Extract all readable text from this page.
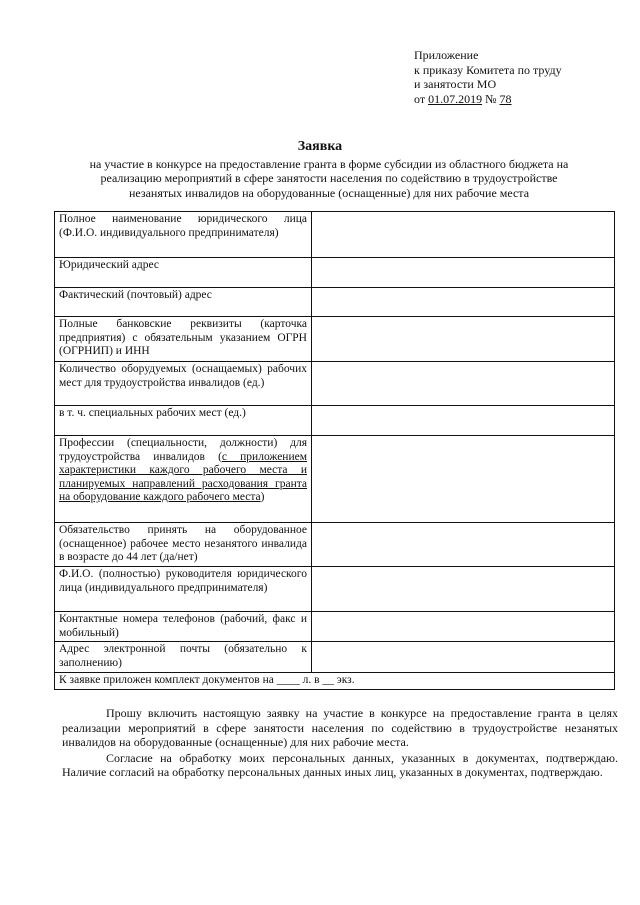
Приложение
к приказу Комитета по труду
и занятости МО
от 01.07.2019 № 78
Заявка
на участие в конкурсе на предоставление гранта в форме субсидии из областного бюджета на
реализацию мероприятий в сфере занятости населения по содействию в трудоустройстве
незанятых инвалидов на оборудованные (оснащенные) для них рабочие места
Полное наименование юридического лица (Ф.И.О. индивидуального предпринимателя)	
Юридический адрес	
Фактический (почтовый) адрес	
Полные банковские реквизиты (карточка предприятия) с обязательным указанием ОГРН (ОГРНИП) и ИНН	
Количество оборудуемых (оснащаемых) рабочих мест для трудоустройства инвалидов (ед.)	
в т. ч. специальных рабочих мест (ед.)	
Профессии (специальности, должности) для трудоустройства инвалидов (с приложением характеристики каждого рабочего места и планируемых направлений расходования гранта на оборудование каждого рабочего места)	
Обязательство принять на оборудованное (оснащенное) рабочее место незанятого инвалида в возрасте до 44 лет (да/нет)	
Ф.И.О. (полностью) руководителя юридического лица (индивидуального предпринимателя)	
Контактные номера телефонов (рабочий, факс и мобильный)	
Адрес электронной почты (обязательно к заполнению)	
К заявке приложен комплект документов на ____ л. в __ экз.	

Прошу включить настоящую заявку на участие в конкурсе на предоставление гранта в целях реализации мероприятий в сфере занятости населения по содействию в трудоустройстве незанятых инвалидов на оборудованные (оснащенные) для них рабочие места.

Согласие на обработку моих персональных данных, указанных в документах, подтверждаю. Наличие согласий на обработку персональных данных иных лиц, указанных в документах, подтверждаю.
